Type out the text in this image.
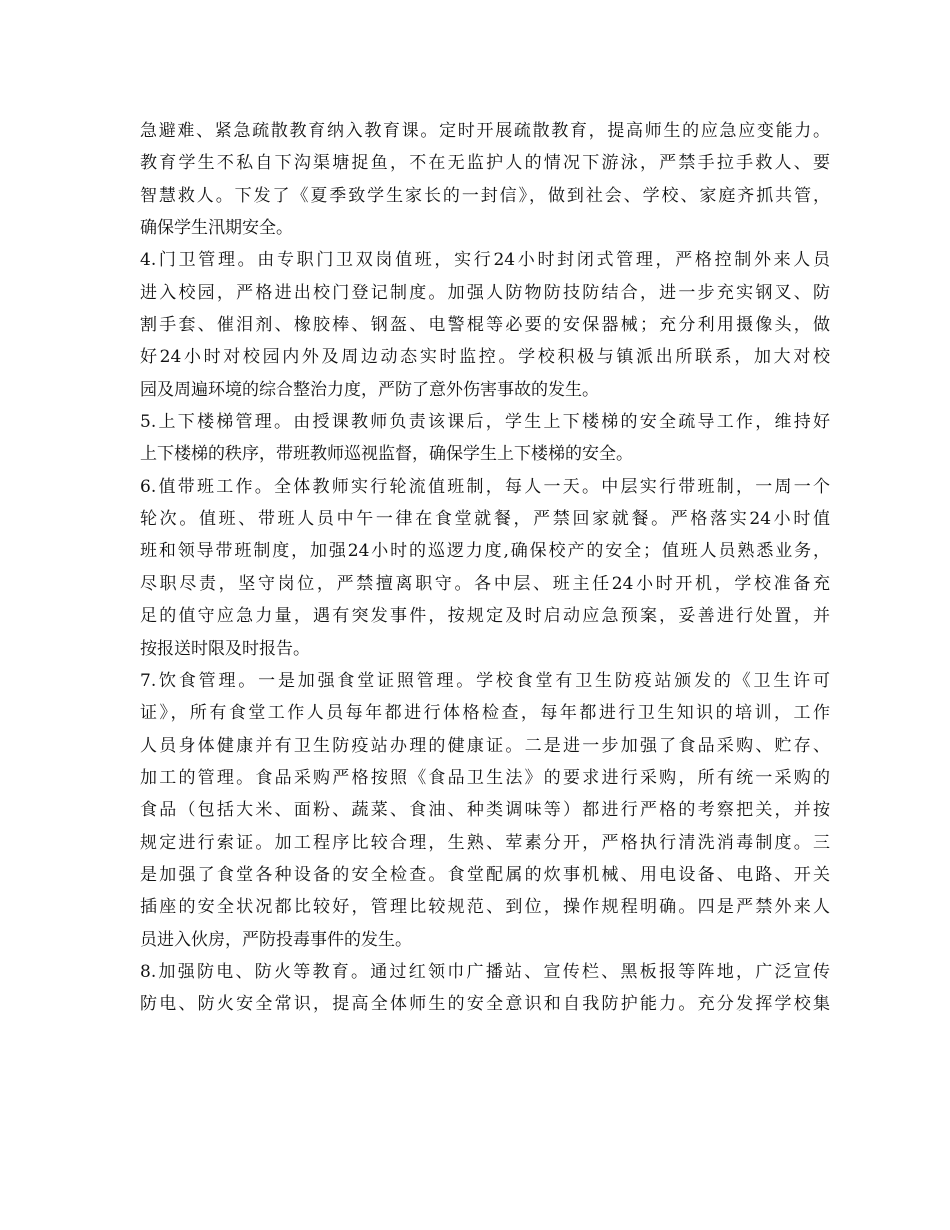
急避难、紧急疏散教育纳入教育课。定时开展疏散教育，提高师生的应急应变能力。
教育学生不私自下沟渠塘捉鱼，不在无监护人的情况下游泳，严禁手拉手救人、要
智慧救人。下发了《夏季致学生家长的一封信》，做到社会、学校、家庭齐抓共管，
确保学生汛期安全。
4.门卫管理。由专职门卫双岗值班，实行24小时封闭式管理，严格控制外来人员
进入校园，严格进出校门登记制度。加强人防物防技防结合，进一步充实钢叉、防
割手套、催泪剂、橡胶棒、钢盔、电警棍等必要的安保器械；充分利用摄像头，做
好24小时对校园内外及周边动态实时监控。学校积极与镇派出所联系，加大对校
园及周遍环境的综合整治力度，严防了意外伤害事故的发生。
5.上下楼梯管理。由授课教师负责该课后，学生上下楼梯的安全疏导工作，维持好
上下楼梯的秩序，带班教师巡视监督，确保学生上下楼梯的安全。
6.值带班工作。全体教师实行轮流值班制，每人一天。中层实行带班制，一周一个
轮次。值班、带班人员中午一律在食堂就餐，严禁回家就餐。严格落实24小时值
班和领导带班制度，加强24小时的巡逻力度,确保校产的安全；值班人员熟悉业务，
尽职尽责，坚守岗位，严禁擅离职守。各中层、班主任24小时开机，学校准备充
足的值守应急力量，遇有突发事件，按规定及时启动应急预案，妥善进行处置，并
按报送时限及时报告。
7.饮食管理。一是加强食堂证照管理。学校食堂有卫生防疫站颁发的《卫生许可
证》，所有食堂工作人员每年都进行体格检查，每年都进行卫生知识的培训，工作
人员身体健康并有卫生防疫站办理的健康证。二是进一步加强了食品采购、贮存、
加工的管理。食品采购严格按照《食品卫生法》的要求进行采购，所有统一采购的
食品（包括大米、面粉、蔬菜、食油、种类调味等）都进行严格的考察把关，并按
规定进行索证。加工程序比较合理，生熟、荤素分开，严格执行清洗消毒制度。三
是加强了食堂各种设备的安全检查。食堂配属的炊事机械、用电设备、电路、开关
插座的安全状况都比较好，管理比较规范、到位，操作规程明确。四是严禁外来人
员进入伙房，严防投毒事件的发生。
8.加强防电、防火等教育。通过红领巾广播站、宣传栏、黑板报等阵地，广泛宣传
防电、防火安全常识，提高全体师生的安全意识和自我防护能力。充分发挥学校集
